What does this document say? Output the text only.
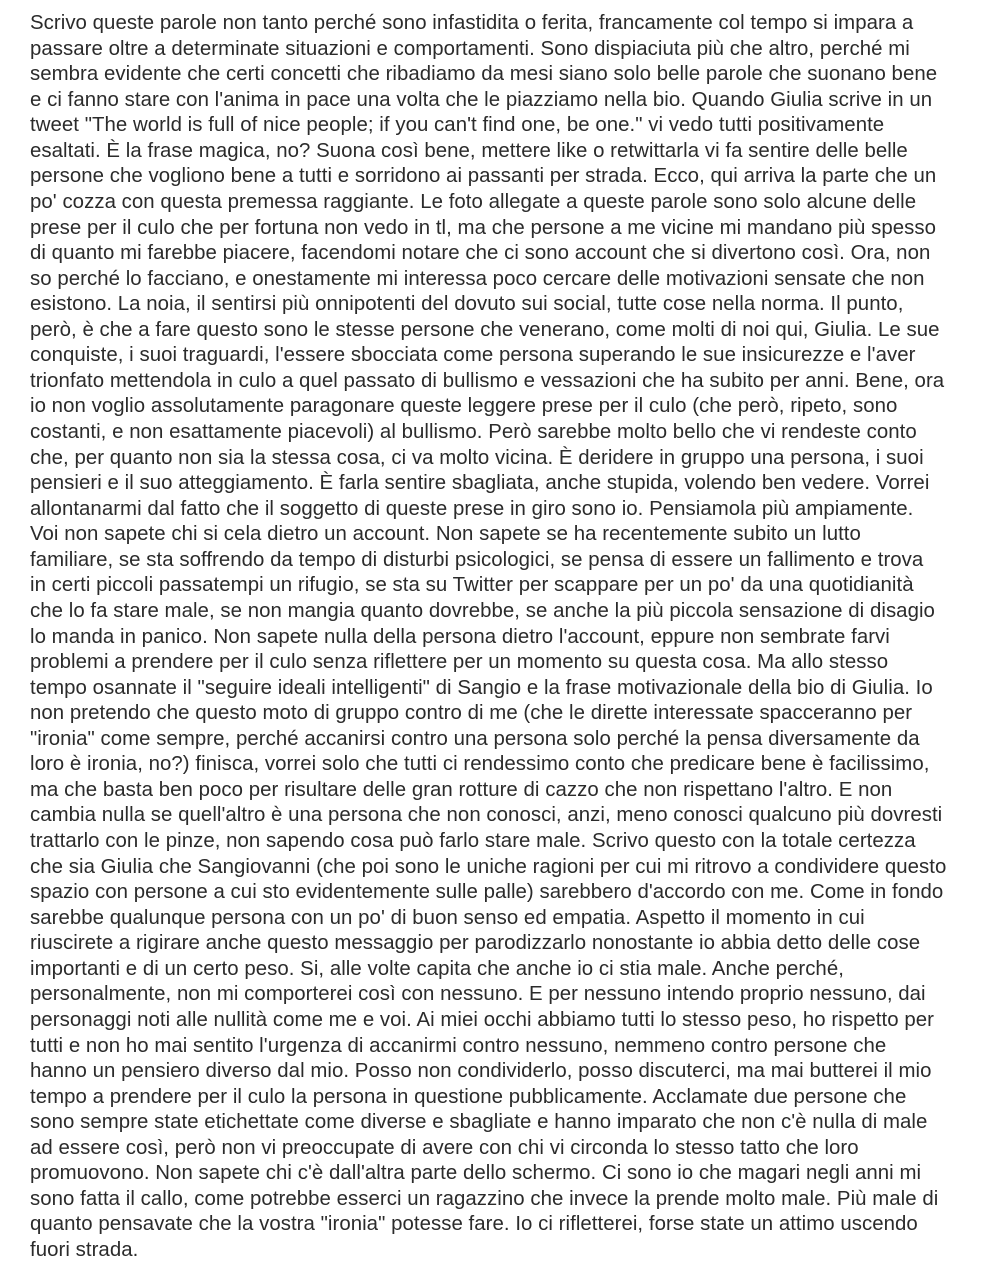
Scrivo queste parole non tanto perché sono infastidita o ferita, francamente col tempo si impara a
passare oltre a determinate situazioni e comportamenti. Sono dispiaciuta più che altro, perché mi
sembra evidente che certi concetti che ribadiamo da mesi siano solo belle parole che suonano bene
e ci fanno stare con l'anima in pace una volta che le piazziamo nella bio. Quando Giulia scrive in un
tweet "The world is full of nice people; if you can't find one, be one." vi vedo tutti positivamente
esaltati. È la frase magica, no? Suona così bene, mettere like o retwittarla vi fa sentire delle belle
persone che vogliono bene a tutti e sorridono ai passanti per strada. Ecco, qui arriva la parte che un
po' cozza con questa premessa raggiante. Le foto allegate a queste parole sono solo alcune delle
prese per il culo che per fortuna non vedo in tl, ma che persone a me vicine mi mandano più spesso
di quanto mi farebbe piacere, facendomi notare che ci sono account che si divertono così. Ora, non
so perché lo facciano, e onestamente mi interessa poco cercare delle motivazioni sensate che non
esistono. La noia, il sentirsi più onnipotenti del dovuto sui social, tutte cose nella norma. Il punto,
però, è che a fare questo sono le stesse persone che venerano, come molti di noi qui, Giulia. Le sue
conquiste, i suoi traguardi, l'essere sbocciata come persona superando le sue insicurezze e l'aver
trionfato mettendola in culo a quel passato di bullismo e vessazioni che ha subito per anni. Bene, ora
io non voglio assolutamente paragonare queste leggere prese per il culo (che però, ripeto, sono
costanti, e non esattamente piacevoli) al bullismo. Però sarebbe molto bello che vi rendeste conto
che, per quanto non sia la stessa cosa, ci va molto vicina. È deridere in gruppo una persona, i suoi
pensieri e il suo atteggiamento. È farla sentire sbagliata, anche stupida, volendo ben vedere. Vorrei
allontanarmi dal fatto che il soggetto di queste prese in giro sono io. Pensiamola più ampiamente.
Voi non sapete chi si cela dietro un account. Non sapete se ha recentemente subito un lutto
familiare, se sta soffrendo da tempo di disturbi psicologici, se pensa di essere un fallimento e trova
in certi piccoli passatempi un rifugio, se sta su Twitter per scappare per un po' da una quotidianità
che lo fa stare male, se non mangia quanto dovrebbe, se anche la più piccola sensazione di disagio
lo manda in panico. Non sapete nulla della persona dietro l'account, eppure non sembrate farvi
problemi a prendere per il culo senza riflettere per un momento su questa cosa. Ma allo stesso
tempo osannate il "seguire ideali intelligenti" di Sangio e la frase motivazionale della bio di Giulia. Io
non pretendo che questo moto di gruppo contro di me (che le dirette interessate spacceranno per
"ironia" come sempre, perché accanirsi contro una persona solo perché la pensa diversamente da
loro è ironia, no?) finisca, vorrei solo che tutti ci rendessimo conto che predicare bene è facilissimo,
ma che basta ben poco per risultare delle gran rotture di cazzo che non rispettano l'altro. E non
cambia nulla se quell'altro è una persona che non conosci, anzi, meno conosci qualcuno più dovresti
trattarlo con le pinze, non sapendo cosa può farlo stare male. Scrivo questo con la totale certezza
che sia Giulia che Sangiovanni (che poi sono le uniche ragioni per cui mi ritrovo a condividere questo
spazio con persone a cui sto evidentemente sulle palle) sarebbero d'accordo con me. Come in fondo
sarebbe qualunque persona con un po' di buon senso ed empatia. Aspetto il momento in cui
riuscirete a rigirare anche questo messaggio per parodizzarlo nonostante io abbia detto delle cose
importanti e di un certo peso. Si, alle volte capita che anche io ci stia male. Anche perché,
personalmente, non mi comporterei così con nessuno. E per nessuno intendo proprio nessuno, dai
personaggi noti alle nullità come me e voi. Ai miei occhi abbiamo tutti lo stesso peso, ho rispetto per
tutti e non ho mai sentito l'urgenza di accanirmi contro nessuno, nemmeno contro persone che
hanno un pensiero diverso dal mio. Posso non condividerlo, posso discuterci, ma mai butterei il mio
tempo a prendere per il culo la persona in questione pubblicamente. Acclamate due persone che
sono sempre state etichettate come diverse e sbagliate e hanno imparato che non c'è nulla di male
ad essere così, però non vi preoccupate di avere con chi vi circonda lo stesso tatto che loro
promuovono. Non sapete chi c'è dall'altra parte dello schermo. Ci sono io che magari negli anni mi
sono fatta il callo, come potrebbe esserci un ragazzino che invece la prende molto male. Più male di
quanto pensavate che la vostra "ironia" potesse fare. Io ci rifletterei, forse state un attimo uscendo
fuori strada.
